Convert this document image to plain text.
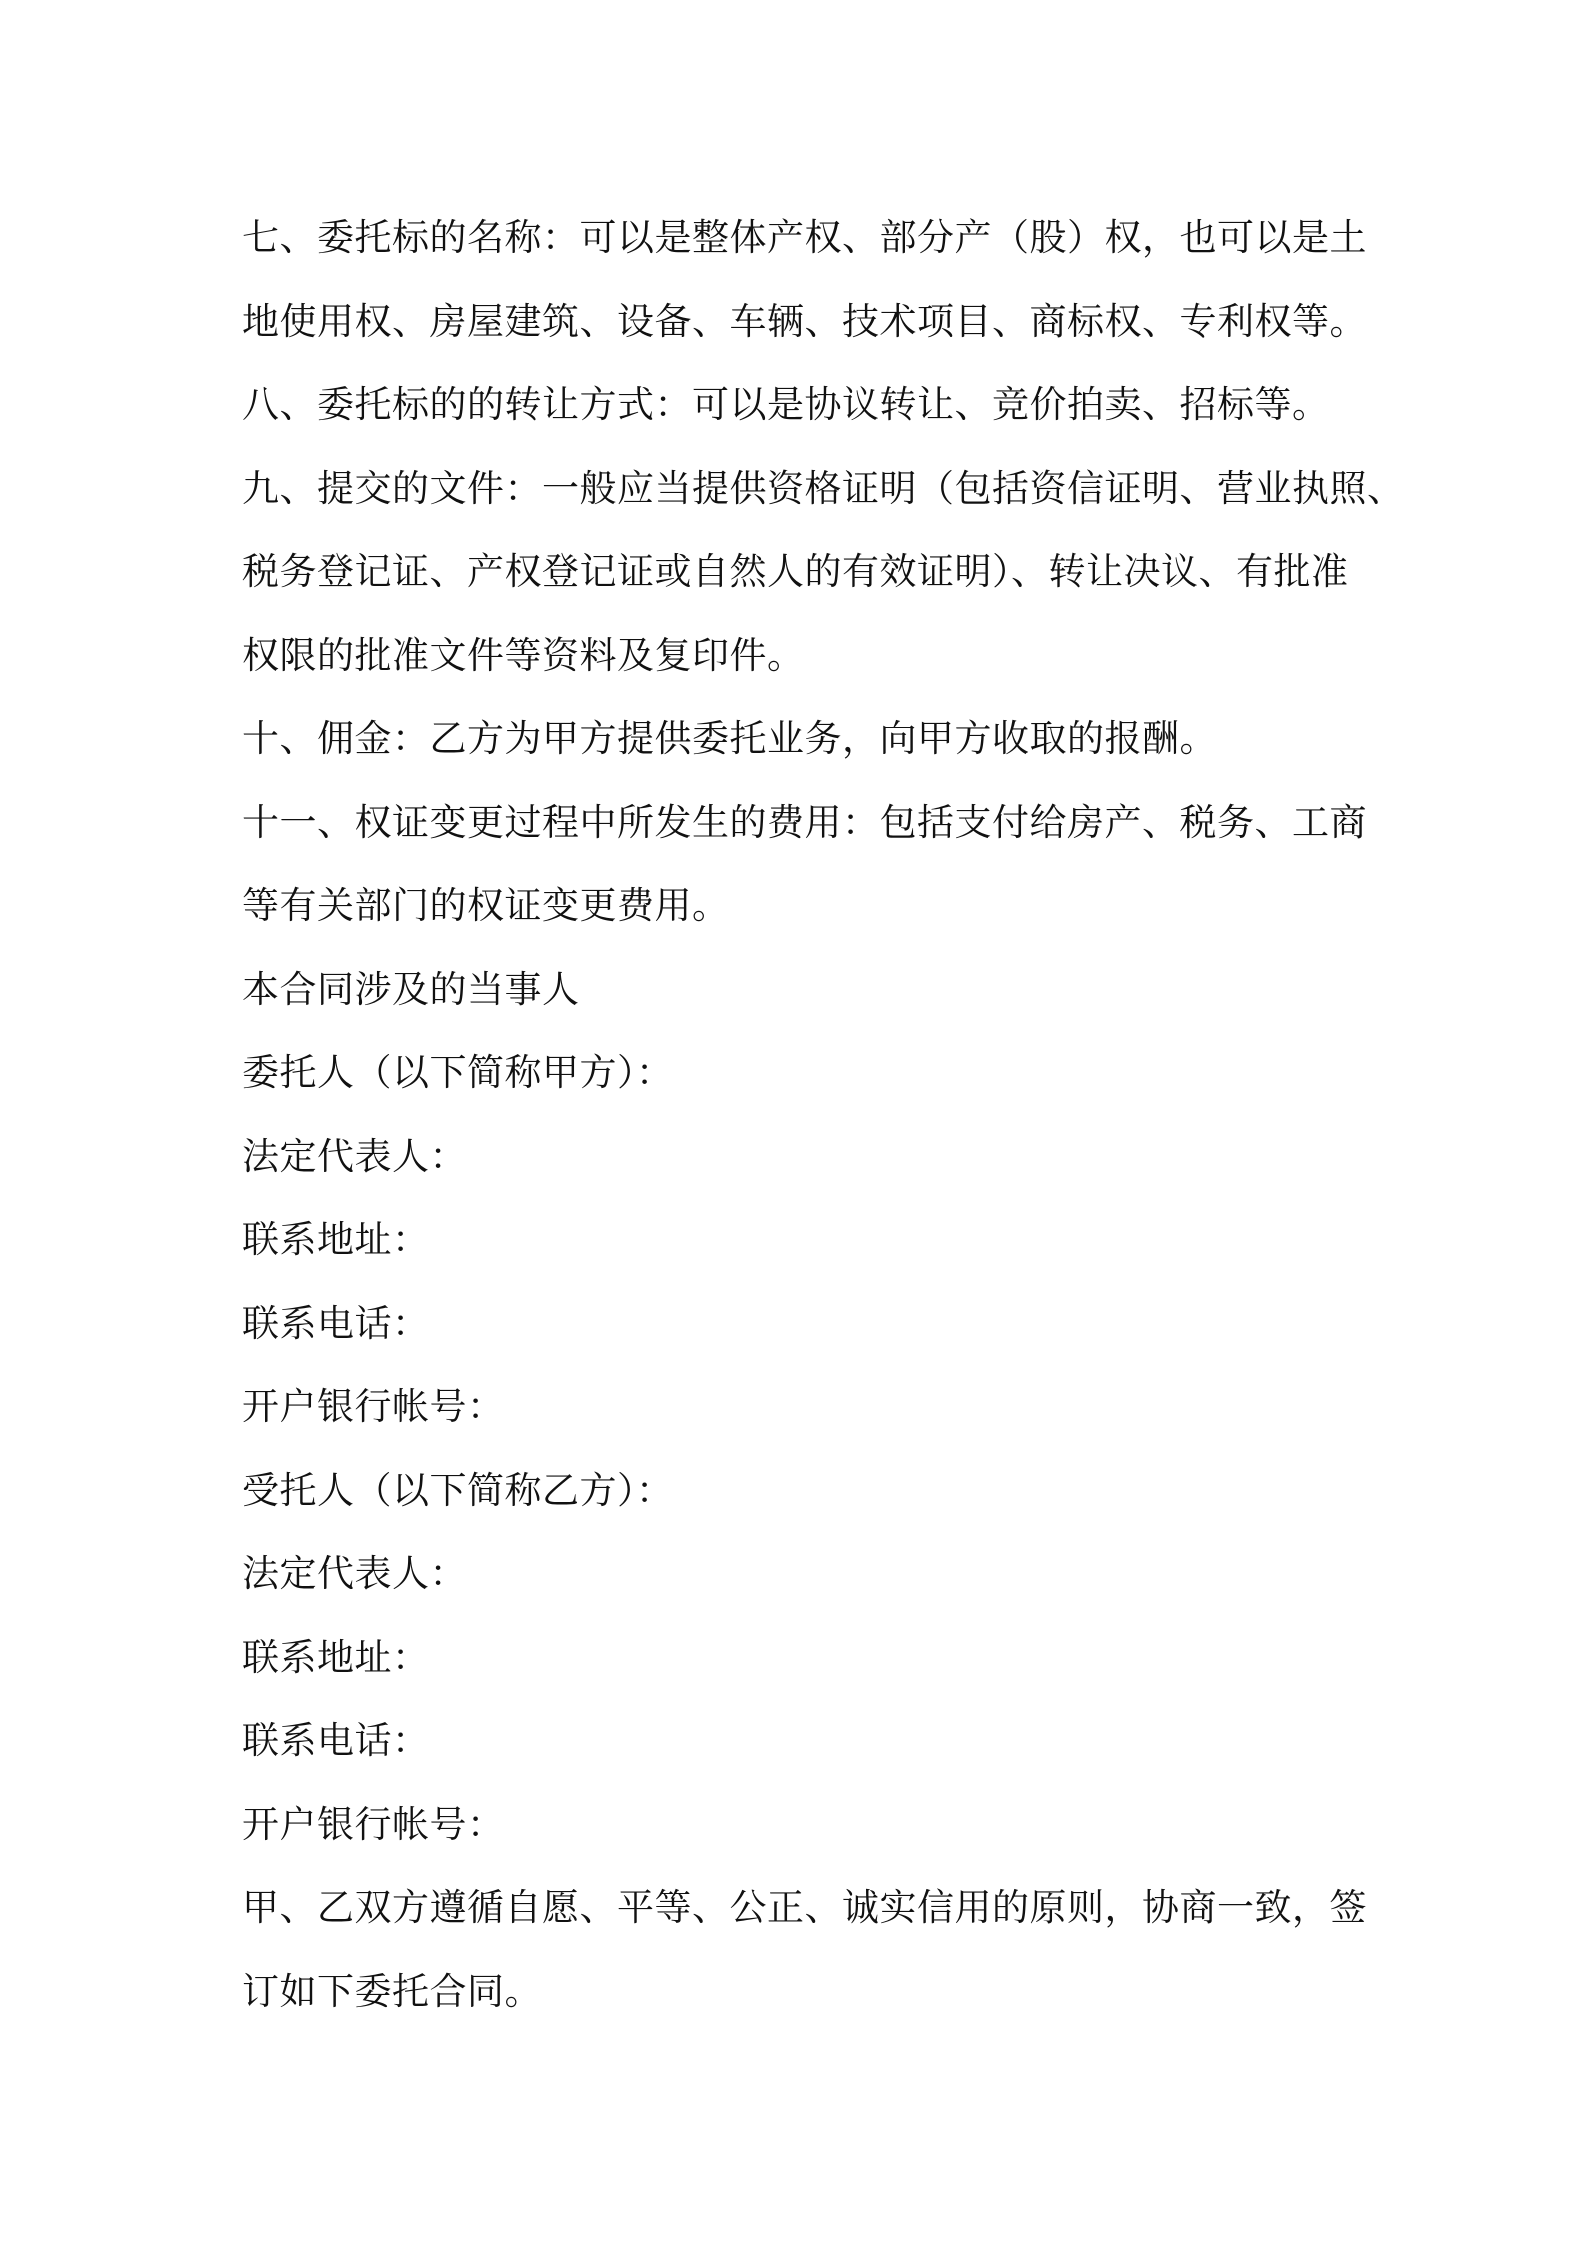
七、委托标的名称：可以是整体产权、部分产（股）权，也可以是土
地使用权、房屋建筑、设备、车辆、技术项目、商标权、专利权等。
八、委托标的的转让方式：可以是协议转让、竞价拍卖、招标等。
九、提交的文件：一般应当提供资格证明（包括资信证明、营业执照、
税务登记证、产权登记证或自然人的有效证明）、转让决议、有批准
权限的批准文件等资料及复印件。
十、佣金：乙方为甲方提供委托业务，向甲方收取的报酬。
十一、权证变更过程中所发生的费用：包括支付给房产、税务、工商
等有关部门的权证变更费用。
本合同涉及的当事人
委托人（以下简称甲方）：
法定代表人：
联系地址：
联系电话：
开户银行帐号：
受托人（以下简称乙方）：
法定代表人：
联系地址：
联系电话：
开户银行帐号：
甲、乙双方遵循自愿、平等、公正、诚实信用的原则，协商一致，签
订如下委托合同。
